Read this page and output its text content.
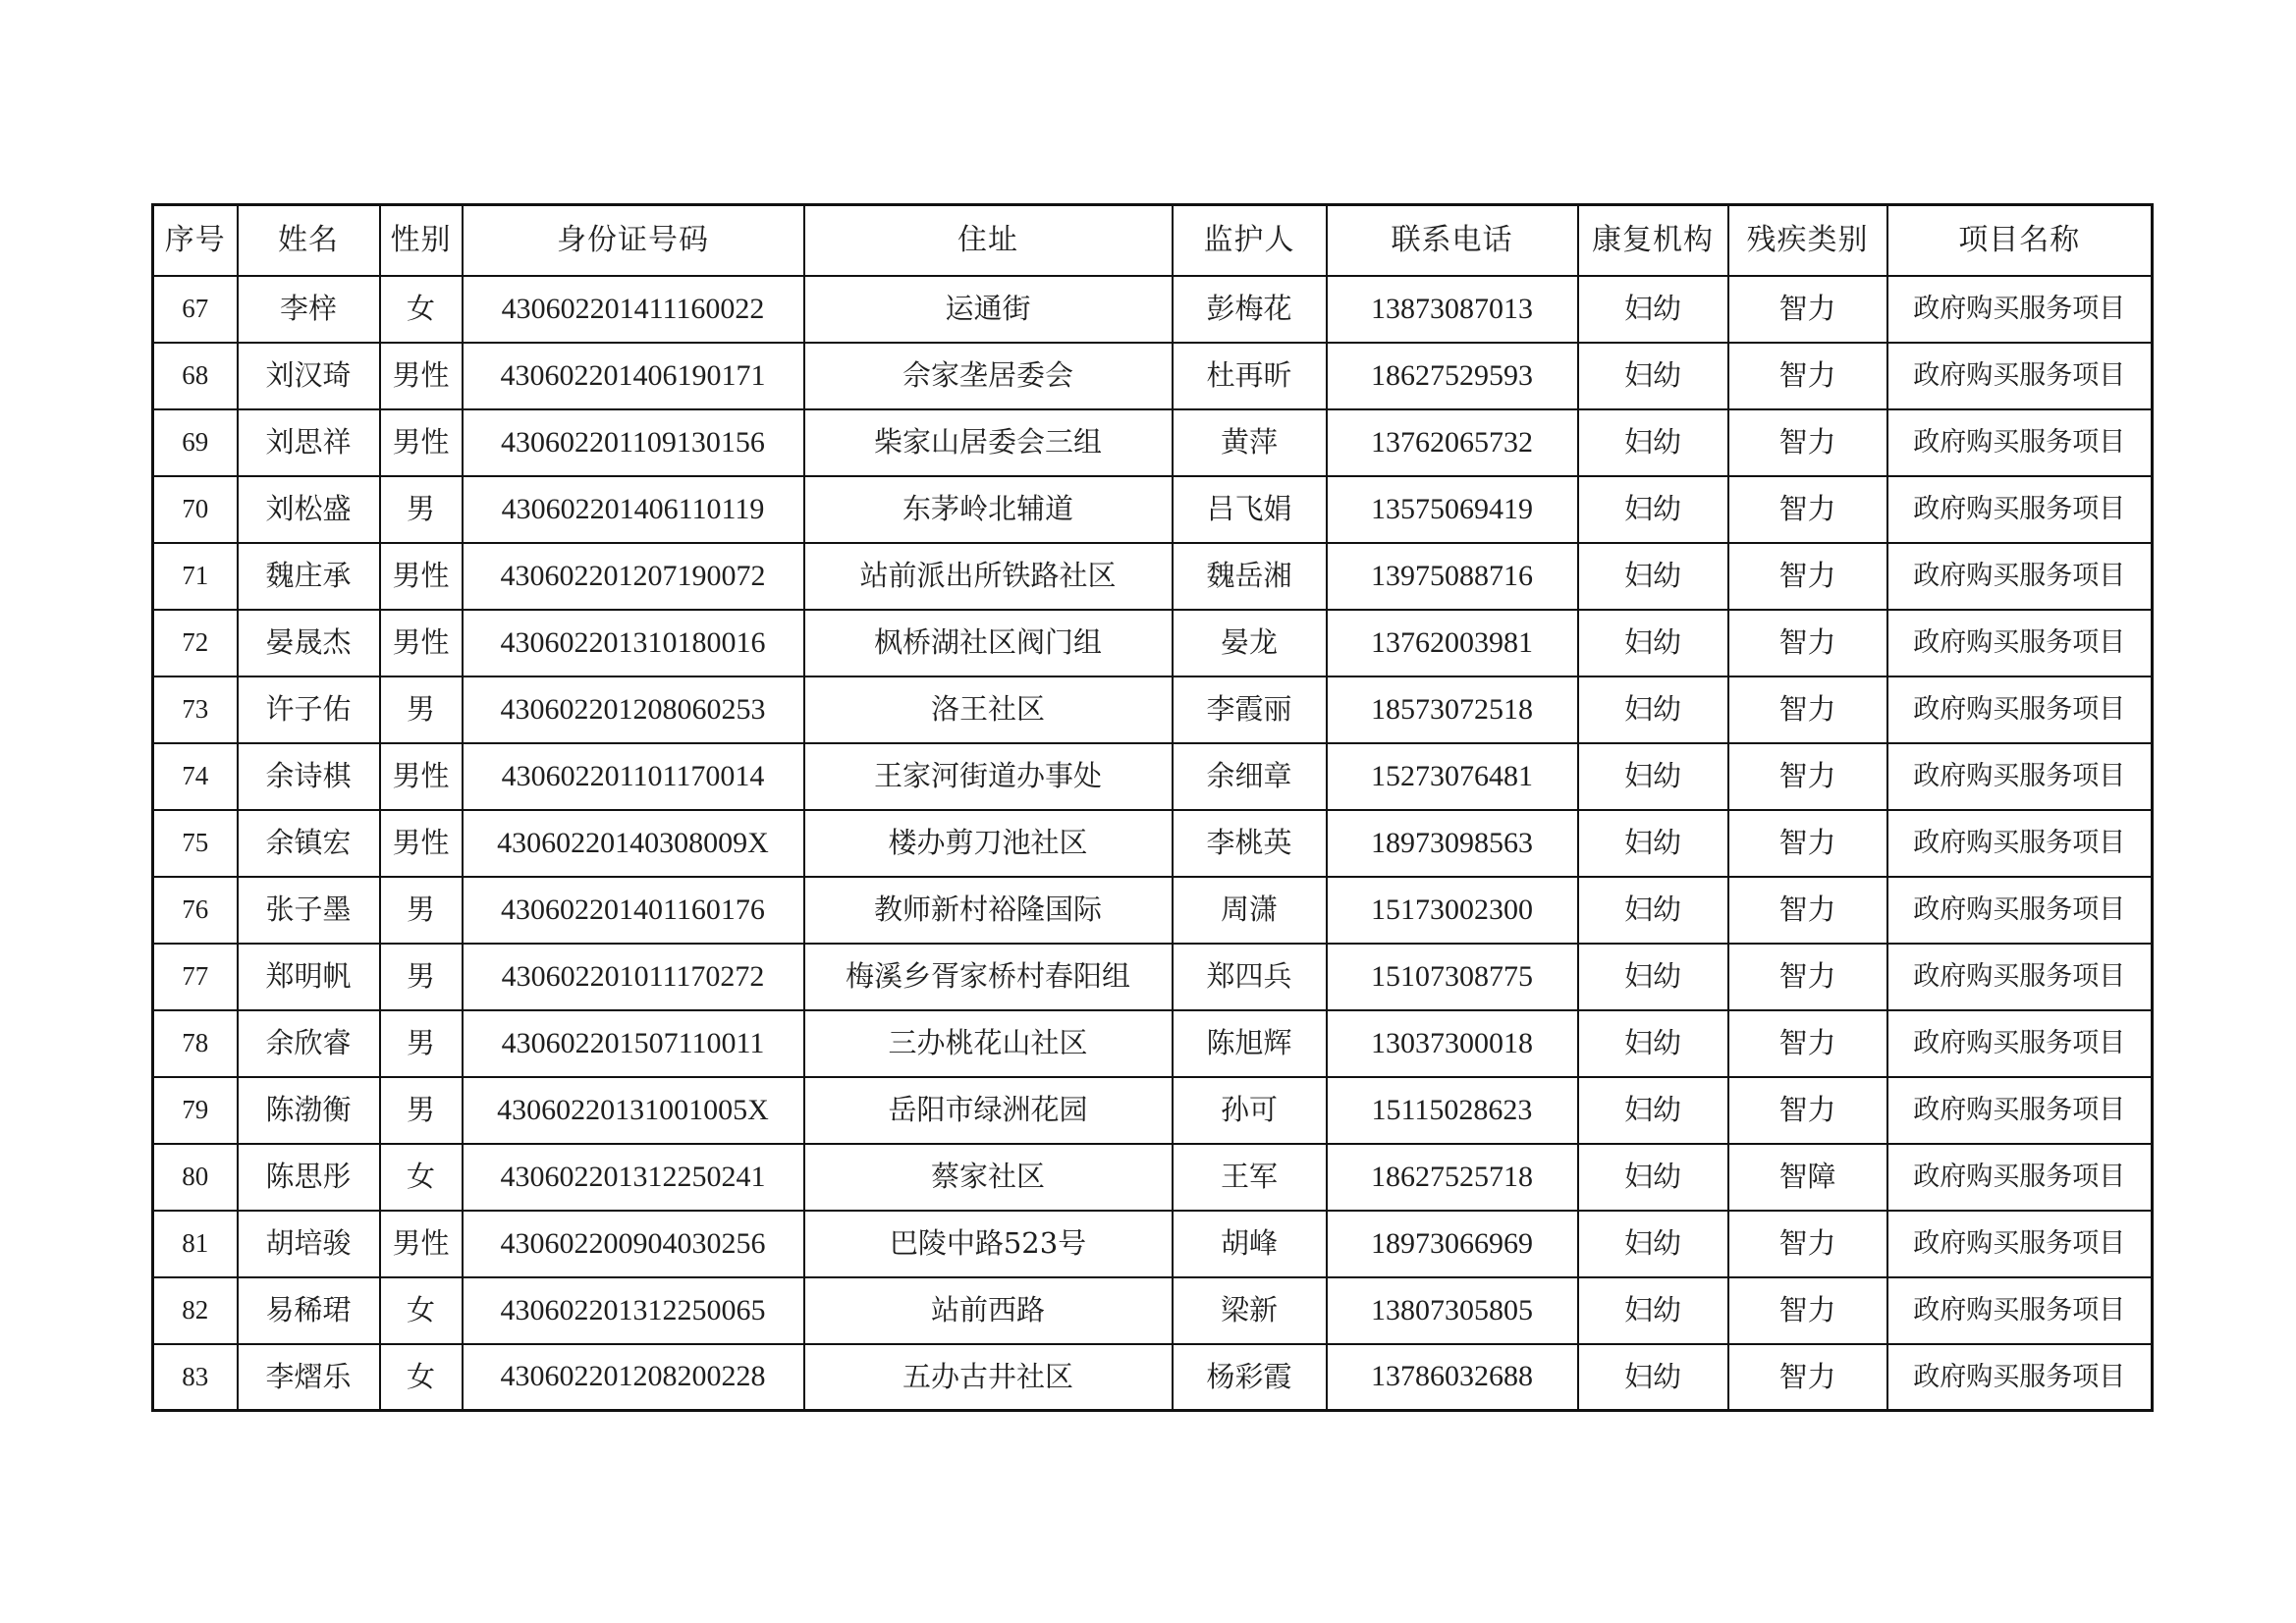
序号	姓名	性别	身份证号码	住址	监护人	联系电话	康复机构	残疾类别	项目名称
67	李梓	女	430602201411160022	运通街	彭梅花	13873087013	妇幼	智力	政府购买服务项目
68	刘汉琦	男性	430602201406190171	佘家垄居委会	杜再昕	18627529593	妇幼	智力	政府购买服务项目
69	刘思祥	男性	430602201109130156	柴家山居委会三组	黄萍	13762065732	妇幼	智力	政府购买服务项目
70	刘松盛	男	430602201406110119	东茅岭北辅道	吕飞娟	13575069419	妇幼	智力	政府购买服务项目
71	魏庄承	男性	430602201207190072	站前派出所铁路社区	魏岳湘	13975088716	妇幼	智力	政府购买服务项目
72	晏晟杰	男性	430602201310180016	枫桥湖社区阀门组	晏龙	13762003981	妇幼	智力	政府购买服务项目
73	许子佑	男	430602201208060253	洛王社区	李霞丽	18573072518	妇幼	智力	政府购买服务项目
74	余诗棋	男性	430602201101170014	王家河街道办事处	余细章	15273076481	妇幼	智力	政府购买服务项目
75	余镇宏	男性	43060220140308009X	楼办剪刀池社区	李桃英	18973098563	妇幼	智力	政府购买服务项目
76	张子墨	男	430602201401160176	教师新村裕隆国际	周潇	15173002300	妇幼	智力	政府购买服务项目
77	郑明帆	男	430602201011170272	梅溪乡胥家桥村春阳组	郑四兵	15107308775	妇幼	智力	政府购买服务项目
78	余欣睿	男	430602201507110011	三办桃花山社区	陈旭辉	13037300018	妇幼	智力	政府购买服务项目
79	陈渤衡	男	43060220131001005X	岳阳市绿洲花园	孙可	15115028623	妇幼	智力	政府购买服务项目
80	陈思彤	女	430602201312250241	蔡家社区	王军	18627525718	妇幼	智障	政府购买服务项目
81	胡培骏	男性	430602200904030256	巴陵中路523号	胡峰	18973066969	妇幼	智力	政府购买服务项目
82	易稀珺	女	430602201312250065	站前西路	梁新	13807305805	妇幼	智力	政府购买服务项目
83	李熠乐	女	430602201208200228	五办古井社区	杨彩霞	13786032688	妇幼	智力	政府购买服务项目
